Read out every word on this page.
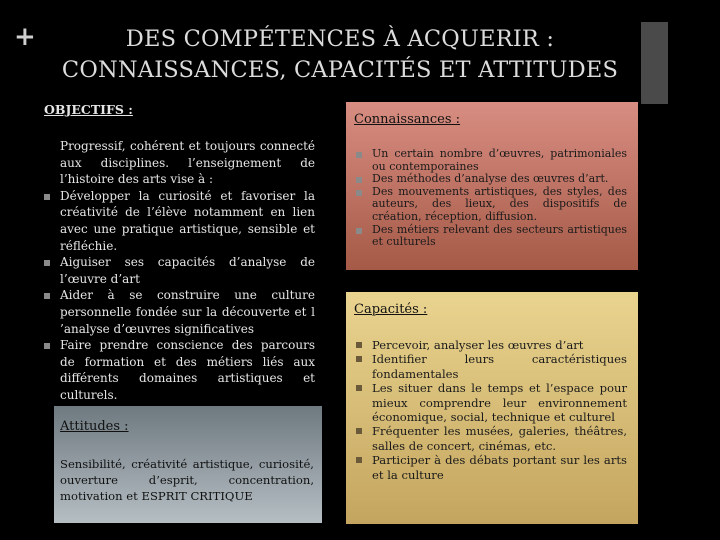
+	DES COMPÉTENCES À ACQUERIR :
CONNAISSANCES, CAPACITÉS ET ATTITUDES
OBJECTIFS :

Progressif, cohérent et toujours connecté aux disciplines. l’enseignement de l’histoire des arts vise à :

Développer la curiosité et favoriser la créativité de l’élève notamment en lien avec une pratique artistique, sensible et réfléchie.
Aiguiser ses capacités d’analyse de l’œuvre d’art
Aider à se construire une culture personnelle fondée sur la découverte et l ’analyse d’œuvres significatives
Faire prendre conscience des parcours de formation et des métiers liés aux différents domaines artistiques et culturels.
Attitudes :
Sensibilité, créativité artistique, curiosité, ouverture d’esprit, concentration, motivation et ESPRIT CRITIQUE
Connaissances :
Un certain nombre d’œuvres, patrimoniales ou contemporaines
Des méthodes d’analyse des œuvres d’art.
Des mouvements artistiques, des styles, des auteurs, des lieux, des dispositifs de création, réception, diffusion.
Des métiers relevant des secteurs artistiques et culturels
Capacités :
Percevoir, analyser les œuvres d’art
Identifier leurs caractéristiques fondamentales
Les situer dans le temps et l’espace pour mieux comprendre leur environnement économique, social, technique et culturel
Fréquenter les musées, galeries, théâtres, salles de concert, cinémas, etc.
Participer à des débats portant sur les arts et la culture
